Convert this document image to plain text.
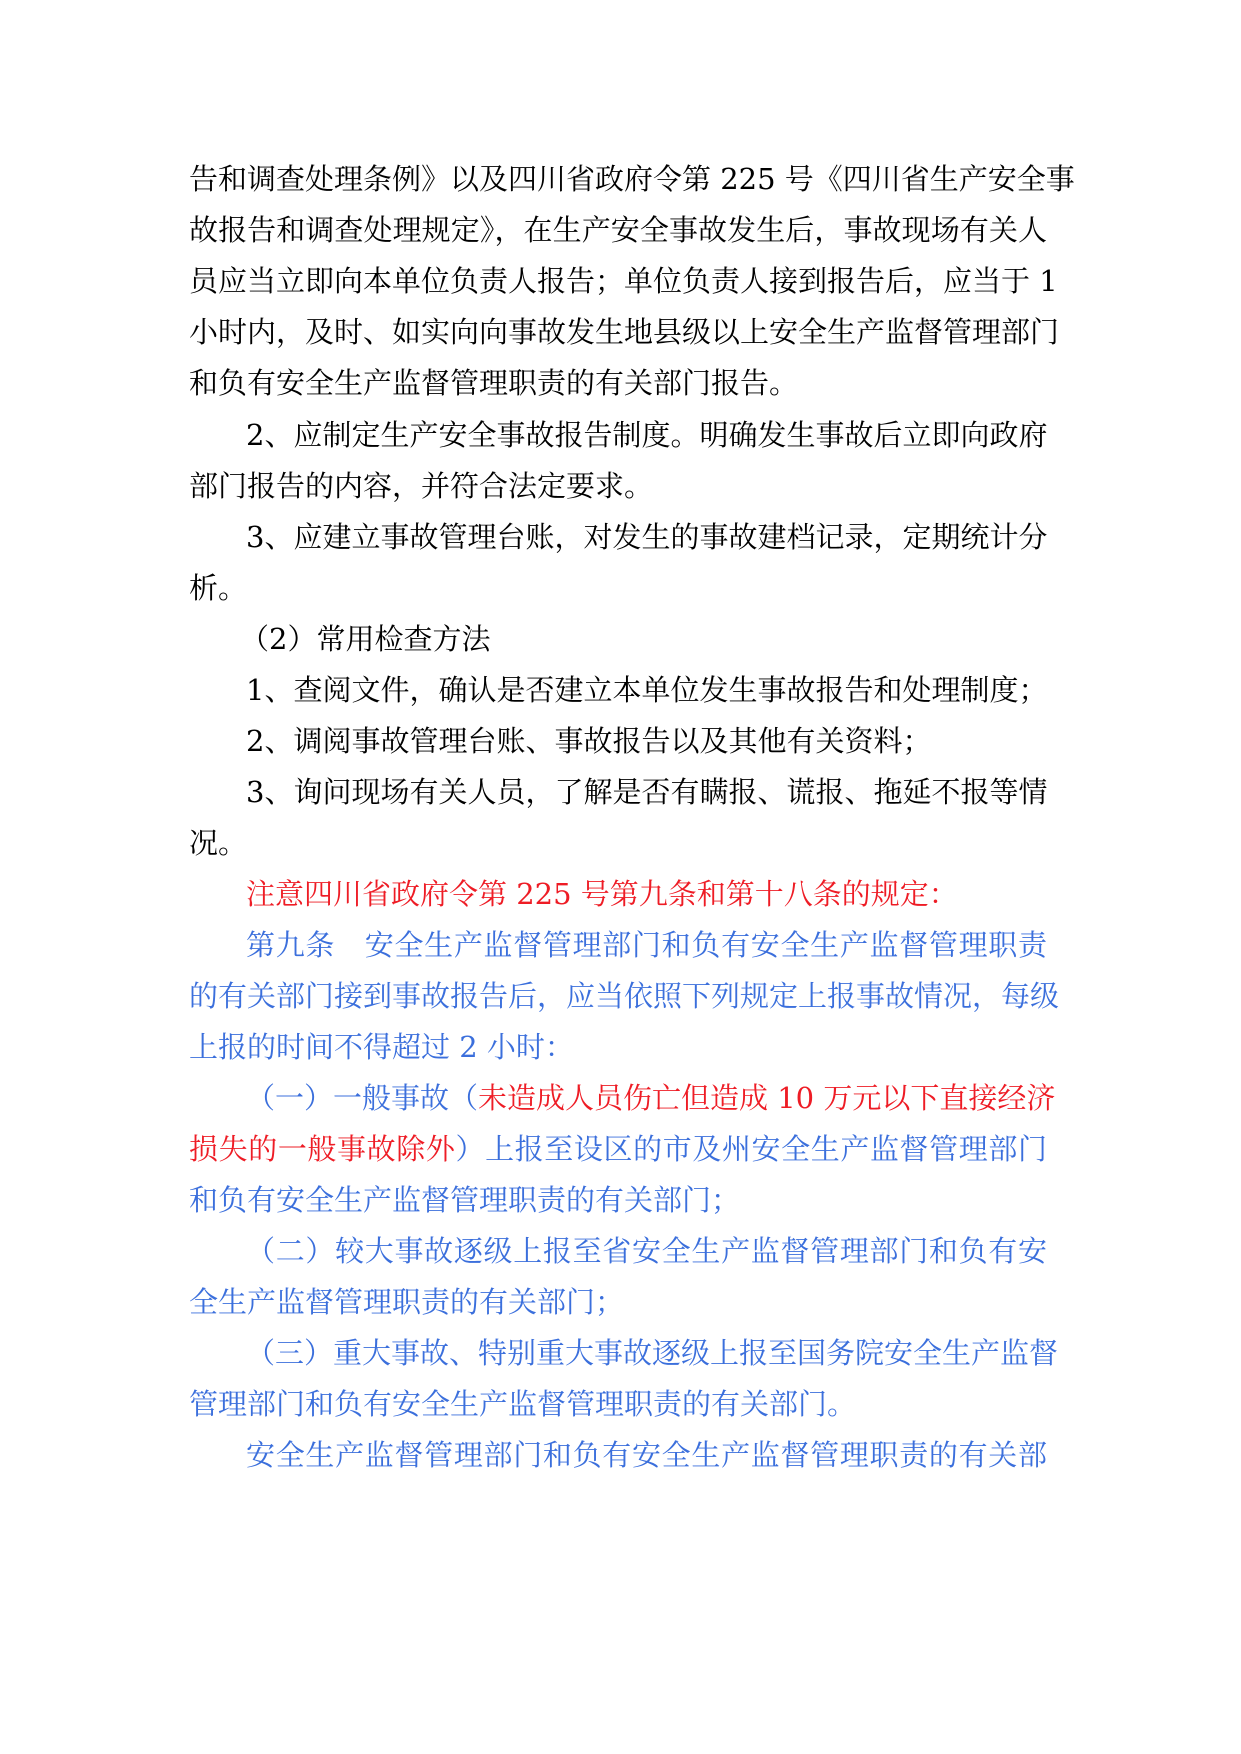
告和调查处理条例》以及四川省政府令第 225 号《四川省生产安全事
故报告和调查处理规定》，在生产安全事故发生后，事故现场有关人
员应当立即向本单位负责人报告；单位负责人接到报告后，应当于 1
小时内，及时、如实向向事故发生地县级以上安全生产监督管理部门
和负有安全生产监督管理职责的有关部门报告。
2、应制定生产安全事故报告制度。明确发生事故后立即向政府
部门报告的内容，并符合法定要求。
3、应建立事故管理台账，对发生的事故建档记录，定期统计分
析。
（2）常用检查方法
1、查阅文件，确认是否建立本单位发生事故报告和处理制度；
2、调阅事故管理台账、事故报告以及其他有关资料；
3、询问现场有关人员，了解是否有瞒报、谎报、拖延不报等情
况。
注意四川省政府令第 225 号第九条和第十八条的规定：
第九条　安全生产监督管理部门和负有安全生产监督管理职责
的有关部门接到事故报告后，应当依照下列规定上报事故情况，每级
上报的时间不得超过 2 小时：
（一）一般事故（未造成人员伤亡但造成 10 万元以下直接经济
损失的一般事故除外）上报至设区的市及州安全生产监督管理部门
和负有安全生产监督管理职责的有关部门；
（二）较大事故逐级上报至省安全生产监督管理部门和负有安
全生产监督管理职责的有关部门；
（三）重大事故、特别重大事故逐级上报至国务院安全生产监督
管理部门和负有安全生产监督管理职责的有关部门。
安全生产监督管理部门和负有安全生产监督管理职责的有关部
